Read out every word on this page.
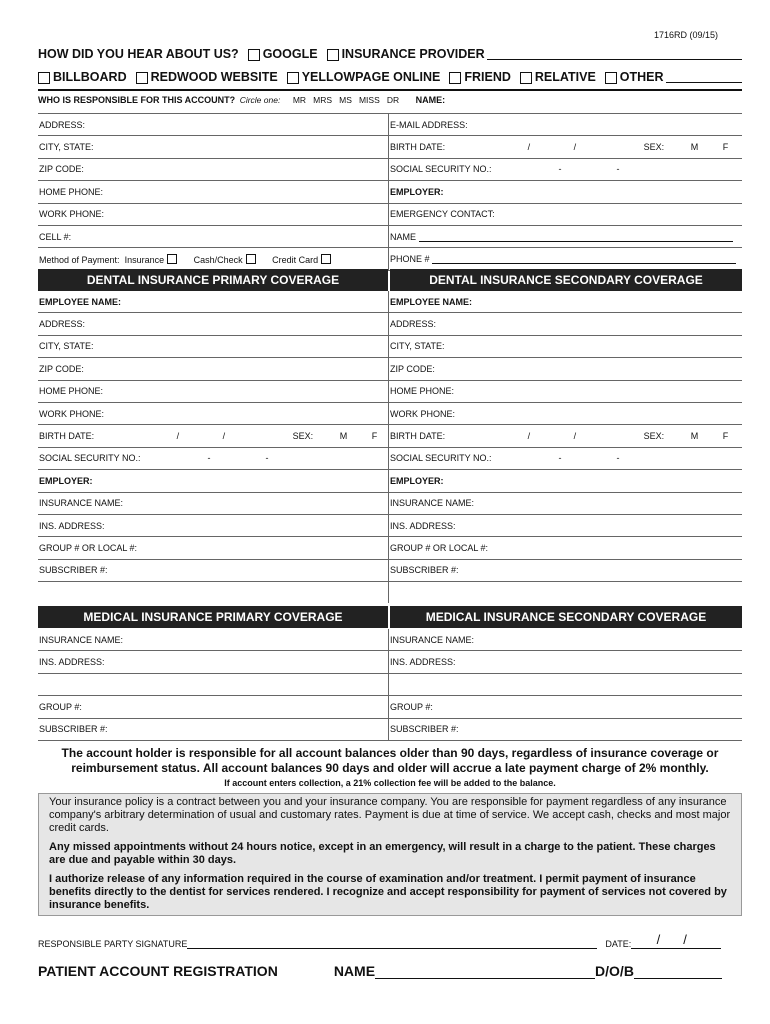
1716RD (09/15)
HOW DID YOU HEAR ABOUT US? GOOGLE INSURANCE PROVIDER
BILLBOARD REDWOOD WEBSITE YELLOWPAGE ONLINE FRIEND RELATIVE OTHER
WHO IS RESPONSIBLE FOR THIS ACCOUNT? Circle one: MR   MRS   MS   MISS   DR NAME:
ADDRESS:	E-MAIL ADDRESS:
CITY, STATE:	BIRTH DATE: / / SEX: M F
ZIP CODE:	SOCIAL SECURITY NO.: - -
HOME PHONE:	EMPLOYER:
WORK PHONE:	EMERGENCY CONTACT:
CELL #:	NAME
Method of Payment: Insurance Cash/Check Credit Card	PHONE #
DENTAL INSURANCE PRIMARY COVERAGE	DENTAL INSURANCE SECONDARY COVERAGE
EMPLOYEE NAME:	EMPLOYEE NAME:
ADDRESS:	ADDRESS:
CITY, STATE:	CITY, STATE:
ZIP CODE:	ZIP CODE:
HOME PHONE:	HOME PHONE:
WORK PHONE:	WORK PHONE:
BIRTH DATE: / / SEX: M F	BIRTH DATE: / / SEX: M F
SOCIAL SECURITY NO.: - -	SOCIAL SECURITY NO.: - -
EMPLOYER:	EMPLOYER:
INSURANCE NAME:	INSURANCE NAME:
INS. ADDRESS:	INS. ADDRESS:
GROUP # OR LOCAL #:	GROUP # OR LOCAL #:
SUBSCRIBER #:	SUBSCRIBER #:

MEDICAL INSURANCE PRIMARY COVERAGE	MEDICAL INSURANCE SECONDARY COVERAGE
INSURANCE NAME:	INSURANCE NAME:
INS. ADDRESS:	INS. ADDRESS:

GROUP #:	GROUP #:
SUBSCRIBER #:	SUBSCRIBER #:
The account holder is responsible for all account balances older than 90 days, regardless of insurance coverage or
reimbursement status. All account balances 90 days and older will accrue a late payment charge of 2% monthly.
If account enters collection, a 21% collection fee will be added to the balance.

Your insurance policy is a contract between you and your insurance company. You are responsible for payment regardless of any insurance company's arbitrary determination of usual and customary rates. Payment is due at time of service. We accept cash, checks and most major credit cards.

Any missed appointments without 24 hours notice, except in an emergency, will result in a charge to the patient. These charges are due and payable within 30 days.

I authorize release of any information required in the course of examination and/or treatment. I permit payment of insurance benefits directly to the dentist for services rendered. I recognize and accept responsibility for payment of services not covered by insurance benefits.

RESPONSIBLE PARTY SIGNATURE	DATE: / /
PATIENT ACCOUNT REGISTRATION	NAME	D/O/B
